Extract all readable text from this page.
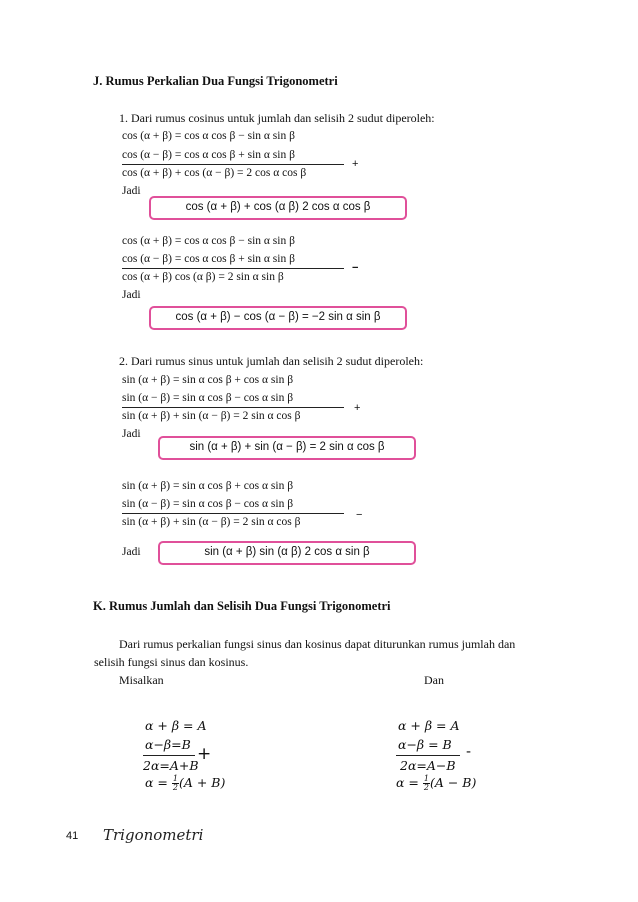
J. Rumus Perkalian Dua Fungsi Trigonometri
1. Dari rumus cosinus untuk jumlah dan selisih 2 sudut diperoleh:
cos (α + β) = cos α cos β − sin α sin β
cos (α − β) = cos α cos β + sin α sin β
+
cos (α + β) + cos (α − β) = 2 cos α cos β
Jadi
cos (α + β) + cos (α β) 2 cos α cos β
cos (α + β) = cos α cos β − sin α sin β
cos (α − β) = cos α cos β + sin α sin β
−
cos (α + β) cos (α β) = 2 sin α sin β
Jadi
cos (α + β) − cos (α − β) = −2 sin α sin β
2. Dari rumus sinus untuk jumlah dan selisih 2 sudut diperoleh:
sin (α + β) = sin α cos β + cos α sin β
sin (α − β) = sin α cos β − cos α sin β
+
sin (α + β) + sin (α − β) = 2 sin α cos β
Jadi
sin (α + β) + sin (α − β) = 2 sin α cos β
sin (α + β) = sin α cos β + cos α sin β
sin (α − β) = sin α cos β − cos α sin β
−
sin (α + β) + sin (α − β) = 2 sin α cos β
Jadi	sin (α + β) sin (α β) 2 cos α sin β
K. Rumus Jumlah dan Selisih Dua Fungsi Trigonometri
Dari rumus perkalian fungsi sinus dan kosinus dapat diturunkan rumus jumlah dan
selisih fungsi sinus dan kosinus.
Misalkan	Dan
α + β = A
α−β=B +
2α=A+B
$\alpha = \frac{1}{2} (A + B)$
α + β = A
α−β = B -
2α=A−B
$\alpha = \frac{1}{2} (A - B)$
41 Trigonometri
